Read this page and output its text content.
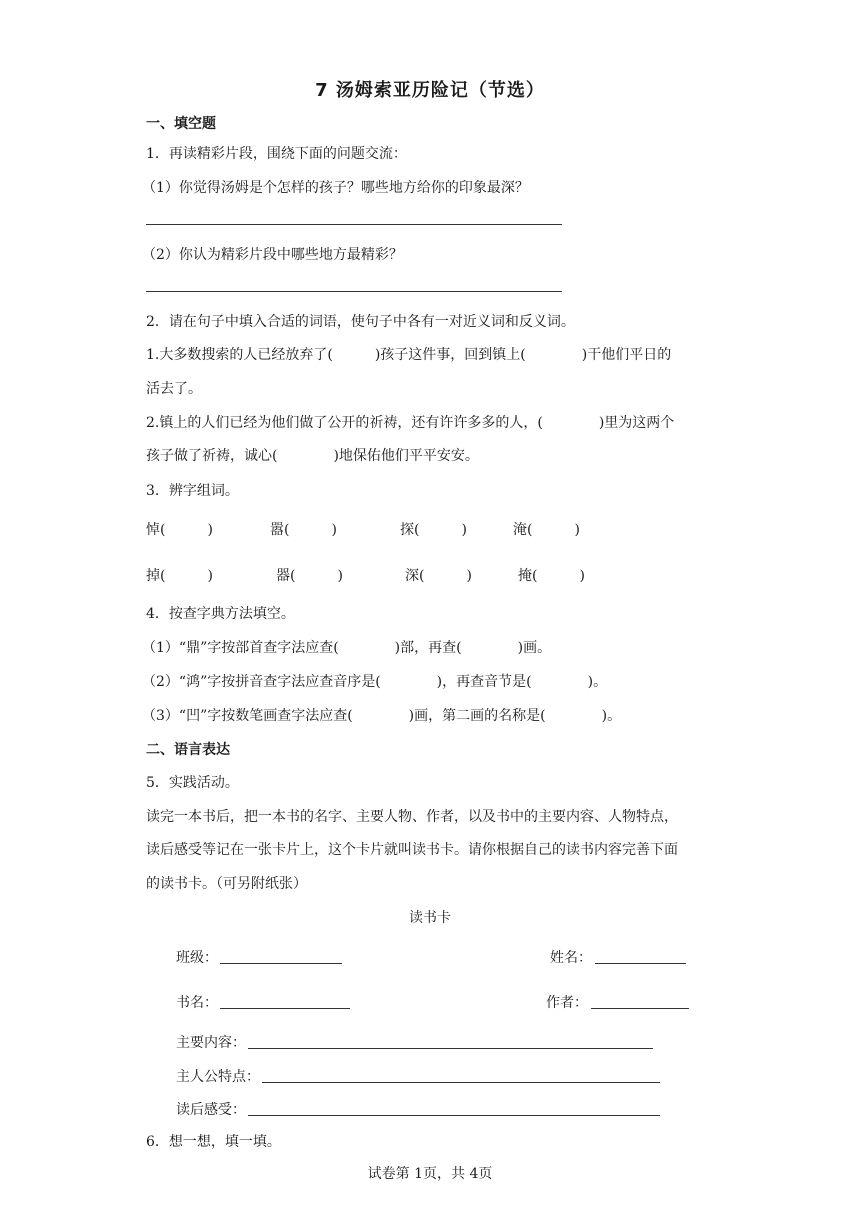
7 汤姆索亚历险记（节选）
一、填空题
1．再读精彩片段，围绕下面的问题交流：
（1）你觉得汤姆是个怎样的孩子？哪些地方给你的印象最深？
（2）你认为精彩片段中哪些地方最精彩？
2．请在句子中填入合适的词语，使句子中各有一对近义词和反义词。
1.大多数搜索的人已经放弃了(　　　)孩子这件事，回到镇上(　　　　)干他们平日的
活去了。
2.镇上的人们已经为他们做了公开的祈祷，还有许许多多的人，(　　　　)里为这两个
孩子做了祈祷，诚心(　　　　)地保佑他们平平安安。
3．辨字组词。
悼(　　　)	嚣(　　　)	探(　　　)	淹(　　　)
掉(　　　)	器(　　　)	深(　　　)	掩(　　　)
4．按查字典方法填空。
（1）“鼎”字按部首查字法应查(　　　　)部，再查(　　　　)画。
（2）“鸿”字按拼音查字法应查音序是(　　　　)，再查音节是(　　　　)。
（3）“凹”字按数笔画查字法应查(　　　　)画，第二画的名称是(　　　　)。
二、语言表达
5．实践活动。
读完一本书后，把一本书的名字、主要人物、作者，以及书中的主要内容、人物特点，
读后感受等记在一张卡片上，这个卡片就叫读书卡。请你根据自己的读书内容完善下面
的读书卡。（可另附纸张）
读书卡
班级：	姓名：
书名：	作者：
主要内容：
主人公特点：
读后感受：
6．想一想，填一填。
试卷第 1页，共 4页
